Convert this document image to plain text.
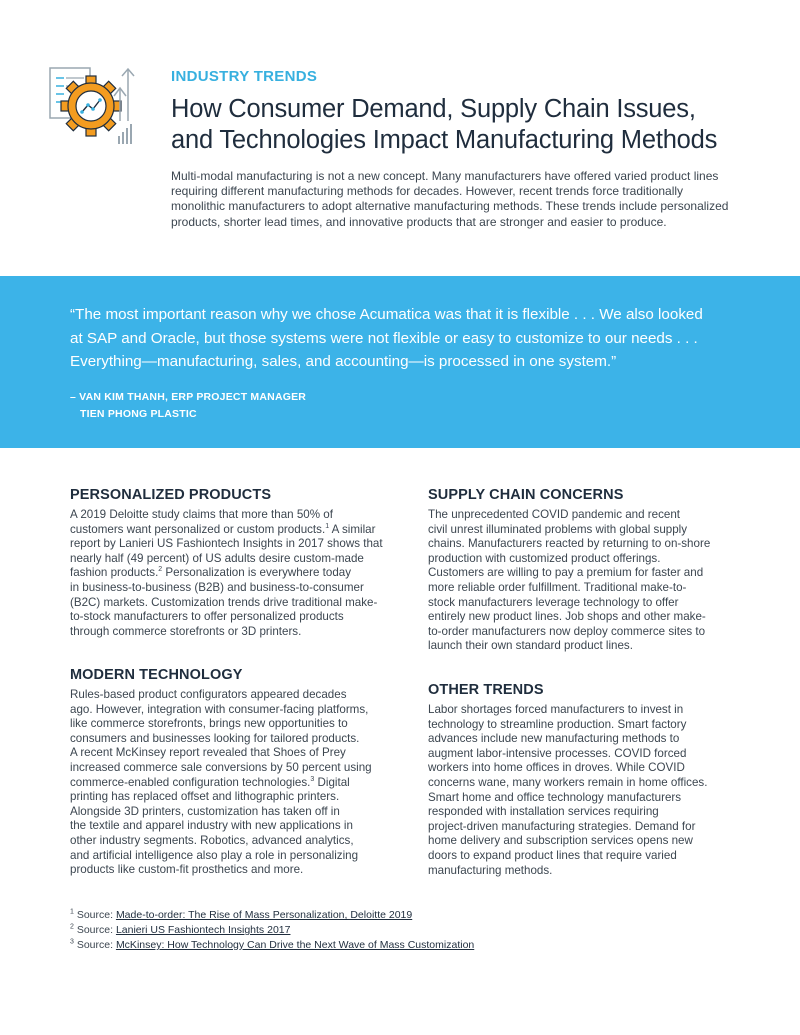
INDUSTRY TRENDS
How Consumer Demand, Supply Chain Issues,
and Technologies Impact Manufacturing Methods

Multi-modal manufacturing is not a new concept. Many manufacturers have offered varied product lines requiring different manufacturing methods for decades. However, recent trends force traditionally monolithic manufacturers to adopt alternative manufacturing methods. These trends include personalized products, shorter lead times, and innovative products that are stronger and easier to produce.

“The most important reason why we chose Acumatica was that it is flexible . . . We also looked
at SAP and Oracle, but those systems were not flexible or easy to customize to our needs . . .
Everything—manufacturing, sales, and accounting—is processed in one system.”
– VAN KIM THANH, ERP PROJECT MANAGER
TIEN PHONG PLASTIC
PERSONALIZED PRODUCTS

A 2019 Deloitte study claims that more than 50% of
customers want personalized or custom products.$^1$ A similar
report by Lanieri US Fashiontech Insights in 2017 shows that
nearly half (49 percent) of US adults desire custom-made
fashion products.$^2$ Personalization is everywhere today
in business-to-business (B2B) and business-to-consumer
(B2C) markets. Customization trends drive traditional make-
to-stock manufacturers to offer personalized products
through commerce storefronts or 3D printers.

MODERN TECHNOLOGY

Rules-based product configurators appeared decades
ago. However, integration with consumer-facing platforms,
like commerce storefronts, brings new opportunities to
consumers and businesses looking for tailored products.
A recent McKinsey report revealed that Shoes of Prey
increased commerce sale conversions by 50 percent using
commerce-enabled configuration technologies.$^3$ Digital
printing has replaced offset and lithographic printers.
Alongside 3D printers, customization has taken off in
the textile and apparel industry with new applications in
other industry segments. Robotics, advanced analytics,
and artificial intelligence also play a role in personalizing
products like custom-fit prosthetics and more.

SUPPLY CHAIN CONCERNS

The unprecedented COVID pandemic and recent
civil unrest illuminated problems with global supply
chains. Manufacturers reacted by returning to on-shore
production with customized product offerings.
Customers are willing to pay a premium for faster and
more reliable order fulfillment. Traditional make-to-
stock manufacturers leverage technology to offer
entirely new product lines. Job shops and other make-
to-order manufacturers now deploy commerce sites to
launch their own standard product lines.

OTHER TRENDS

Labor shortages forced manufacturers to invest in
technology to streamline production. Smart factory
advances include new manufacturing methods to
augment labor-intensive processes. COVID forced
workers into home offices in droves. While COVID
concerns wane, many workers remain in home offices.
Smart home and office technology manufacturers
responded with installation services requiring
project-driven manufacturing strategies. Demand for
home delivery and subscription services opens new
doors to expand product lines that require varied
manufacturing methods.

$^1$ Source: Made-to-order: The Rise of Mass Personalization, Deloitte 2019
$^2$ Source: Lanieri US Fashiontech Insights 2017
$^3$ Source: McKinsey: How Technology Can Drive the Next Wave of Mass Customization
